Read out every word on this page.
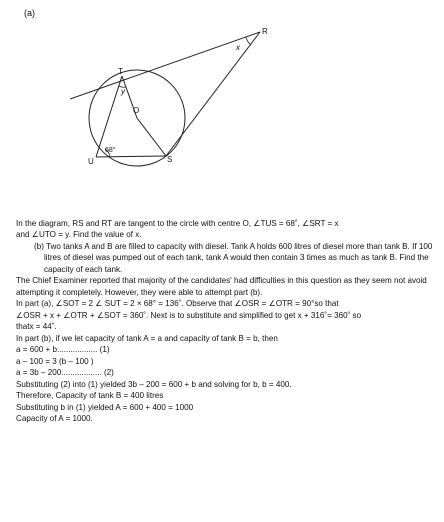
(a)
R
T
S
U
O
y
x
68°

In the diagram, RS and RT are tangent to the circle with centre O, ∠TUS = 68˚, ∠SRT = x

and ∠UTO = y. Find the value of x.

(b) Two tanks A and B are filled to capacity with diesel. Tank A holds 600 litres of diesel more than tank B. If 100 litres of diesel was pumped out of each tank, tank A would then contain 3 times as much as tank B. Find the capacity of each tank.

The Chief Examiner reported that majority of the candidates' had difficulties in this question as they seem not avoid attempting it completely. However, they were able to attempt part (b).

In part (a), ∠SOT = 2 ∠ SUT = 2 × 68° = 136˚. Observe that ∠OSR = ∠OTR = 90°so that

∠OSR + x + ∠OTR + ∠SOT = 360˚. Next is to substitute and simplified to get x + 316˚= 360˚ so

thatx = 44˚.

In part (b), if we let capacity of tank A = a and capacity of tank B = b, then

a = 600 + b.................. (1)

a – 100 = 3 (b – 100 )

a = 3b – 200.................. (2)

Substituting (2) into (1) yielded 3b – 200 = 600 + b and solving for b, b = 400.

Therefore, Capacity of tank B = 400 litres

Substituting b in (1) yielded A = 600 + 400 = 1000

Capacity of A = 1000.
